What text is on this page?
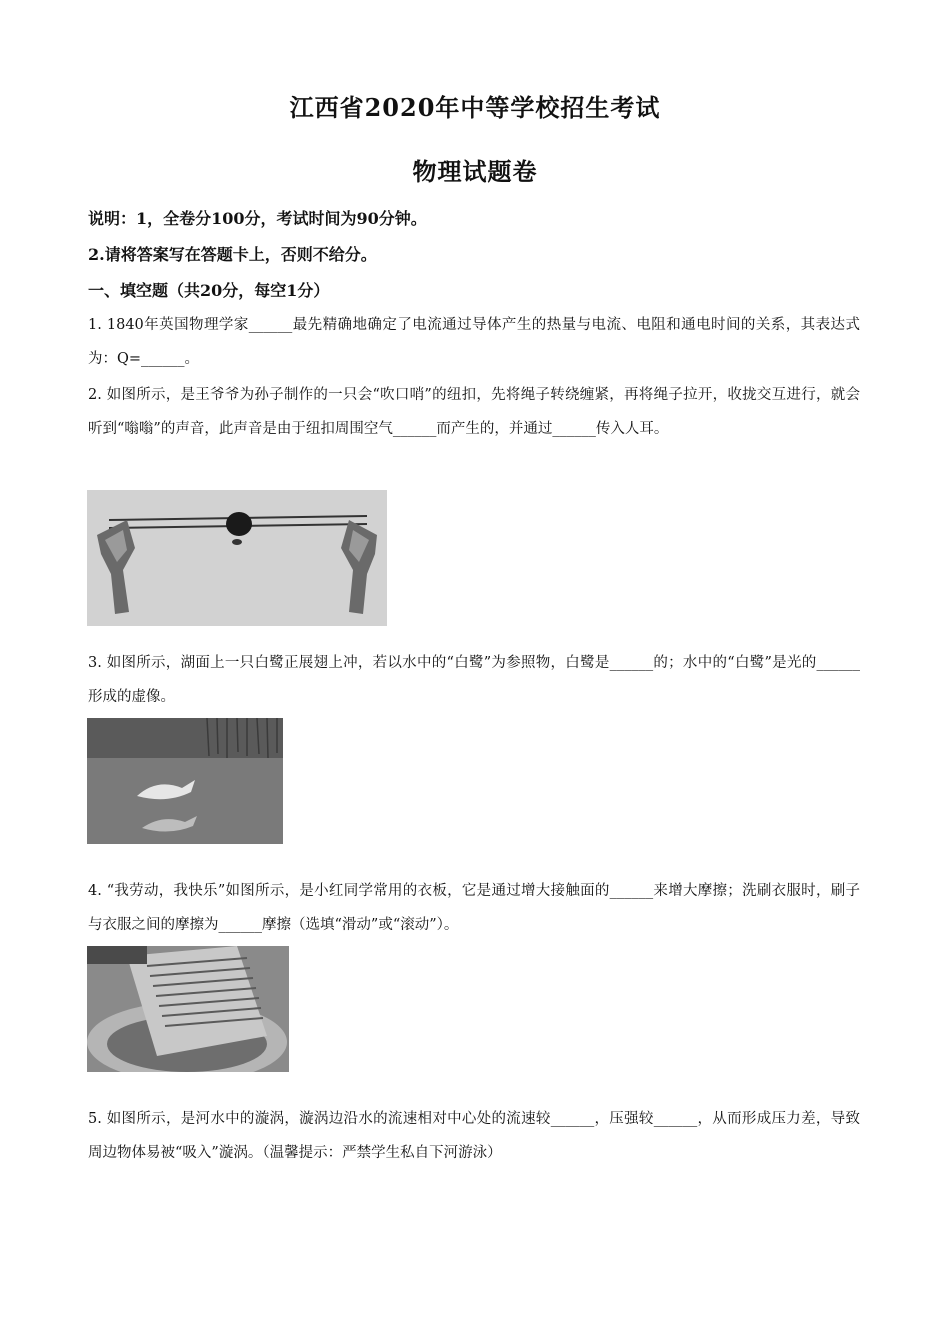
江西省2020年中等学校招生考试
物理试题卷
说明：1，全卷分100分，考试时间为90分钟。
2.请将答案写在答题卡上，否则不给分。
一、填空题（共20分，每空1分）
1. 1840年英国物理学家______最先精确地确定了电流通过导体产生的热量与电流、电阻和通电时间的关系，其表达式为：Q=______。
2. 如图所示，是王爷爷为孙子制作的一只会“吹口哨”的纽扣，先将绳子转绕缠紧，再将绳子拉开，收拢交互进行，就会听到“嗡嗡”的声音，此声音是由于纽扣周围空气______而产生的，并通过______传入人耳。
3. 如图所示，湖面上一只白鹭正展翅上冲，若以水中的“白鹭”为参照物，白鹭是______的；水中的“白鹭”是光的______形成的虚像。
4. “我劳动，我快乐”如图所示，是小红同学常用的衣板，它是通过增大接触面的______来增大摩擦；洗刷衣服时，刷子与衣服之间的摩擦为______摩擦（选填“滑动”或“滚动”）。
5. 如图所示，是河水中的漩涡，漩涡边沿水的流速相对中心处的流速较______，压强较______，从而形成压力差，导致周边物体易被“吸入”漩涡。（温馨提示：严禁学生私自下河游泳）
